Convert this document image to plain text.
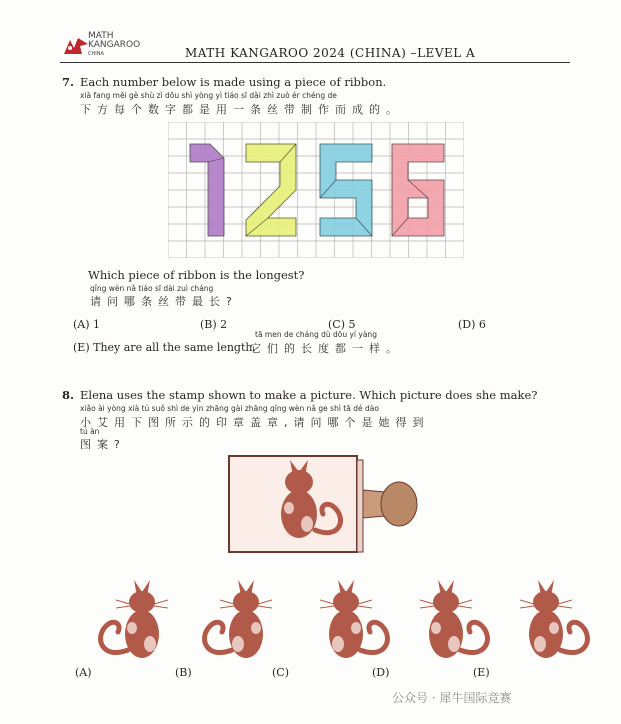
MATH
KANGAROO
CHINA	MATH KANGAROO 2024 (CHINA) –LEVEL A
7. Each number below is made using a piece of ribbon.
xià fang měi gè shù zì dōu shì yòng yì tiáo sī dài zhì zuò ér chéng de
下方每个数字都是用一条丝带制作而成的。
Which piece of ribbon is the longest?
qǐng wèn nǎ tiáo sī dài zuì cháng
请问哪条丝带最长?
(A) 1	(B) 2	(C) 5	(D) 6
(E) They are all the same length.
tā men de cháng dù dōu yí yàng
它们的长度都一样。
8. Elena uses the stamp shown to make a picture. Which picture does she make?
xiǎo ài yòng xià tú suǒ shì de yìn zhāng gài zhāng qǐng wèn nǎ ge shì tā dé dào
小艾用下图所示的印章盖章,请问哪个是她得到
tú àn
图案?
(A)	(B)	(C)	(D)	(E)
公众号 · 犀牛国际竞赛
